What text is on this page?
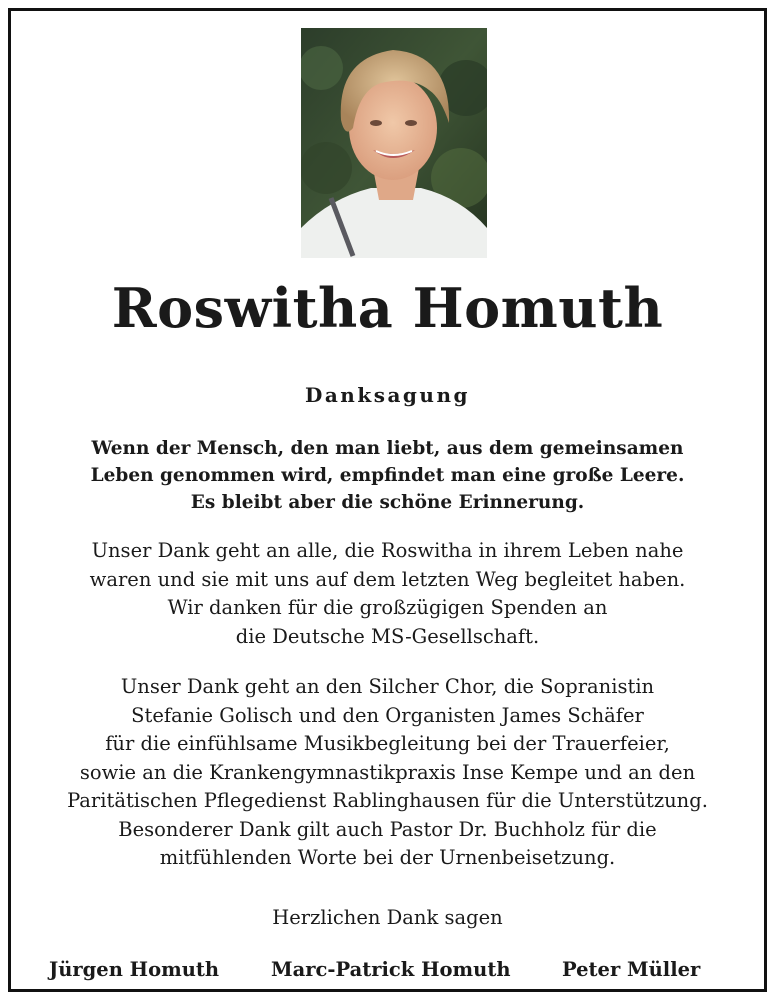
Roswitha Homuth
Danksagung
Wenn der Mensch, den man liebt, aus dem gemeinsamen
Leben genommen wird, empfindet man eine große Leere.
Es bleibt aber die schöne Erinnerung.
Unser Dank geht an alle, die Roswitha in ihrem Leben nahe
waren und sie mit uns auf dem letzten Weg begleitet haben.
Wir danken für die großzügigen Spenden an
die Deutsche MS-Gesellschaft.
Unser Dank geht an den Silcher Chor, die Sopranistin
Stefanie Golisch und den Organisten James Schäfer
für die einfühlsame Musikbegleitung bei der Trauerfeier,
sowie an die Krankengymnastikpraxis Inse Kempe und an den
Paritätischen Pflegedienst Rablinghausen für die Unterstützung.
Besonderer Dank gilt auch Pastor Dr. Buchholz für die
mitfühlenden Worte bei der Urnenbeisetzung.
Herzlichen Dank sagen
Jürgen Homuth	Marc-Patrick Homuth	Peter Müller
